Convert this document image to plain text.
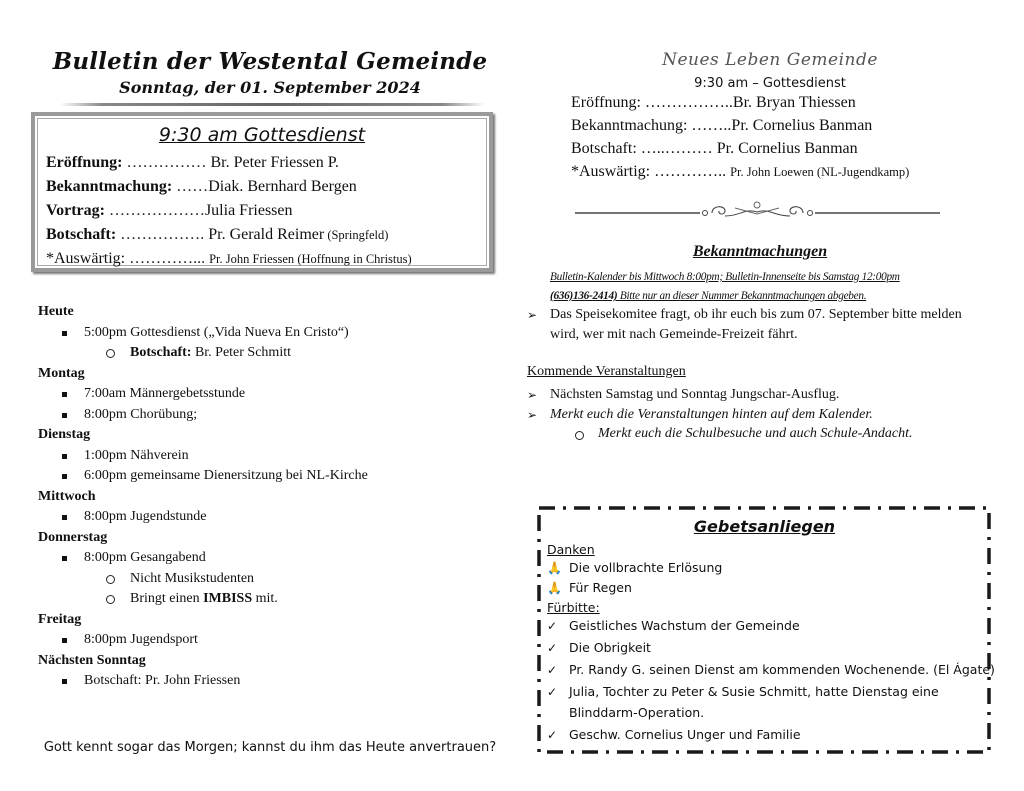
Bulletin der Westental Gemeinde
Sonntag, der 01. September 2024
9:30 am Gottesdienst
Eröffnung: …………… Br. Peter Friessen P.
Bekanntmachung: ……Diak. Bernhard Bergen
Vortrag: ………………Julia Friessen
Botschaft: ……………. Pr. Gerald Reimer (Springfeld)
*Auswärtig: …………... Pr. John Friessen (Hoffnung in Christus)
Heute
5:00pm Gottesdienst („Vida Nueva En Cristo“)
Botschaft: Br. Peter Schmitt
Montag
7:00am Männergebetsstunde
8:00pm Chorübung;
Dienstag
1:00pm Nähverein
6:00pm gemeinsame Dienersitzung bei NL-Kirche
Mittwoch
8:00pm Jugendstunde
Donnerstag
8:00pm Gesangabend
Nicht Musikstudenten
Bringt einen IMBISS mit.
Freitag
8:00pm Jugendsport
Nächsten Sonntag
Botschaft: Pr. John Friessen
Gott kennt sogar das Morgen; kannst du ihm das Heute anvertrauen?
Neues Leben Gemeinde
9:30 am – Gottesdienst
Eröffnung: ……………..Br. Bryan Thiessen
Bekanntmachung: ……..Pr. Cornelius Banman
Botschaft: …..……… Pr. Cornelius Banman
*Auswärtig: ………….. Pr. John Loewen (NL-Jugendkamp)
Bekanntmachungen
Bulletin-Kalender bis Mittwoch 8:00pm; Bulletin-Innenseite bis Samstag 12:00pm
(636)136-2414) Bitte nur an dieser Nummer Bekanntmachungen abgeben.
➢ Das Speisekomitee fragt, ob ihr euch bis zum 07. September bitte melden wird, wer mit nach Gemeinde-Freizeit fährt.
Kommende Veranstaltungen
➢ Nächsten Samstag und Sonntag Jungschar-Ausflug.
➢ Merkt euch die Veranstaltungen hinten auf dem Kalender.
Merkt euch die Schulbesuche und auch Schule-Andacht.
Gebetsanliegen
Danken
🙏 Die vollbrachte Erlösung
🙏 Für Regen
Fürbitte:
✓ Geistliches Wachstum der Gemeinde
✓ Die Obrigkeit
✓ Pr. Randy G. seinen Dienst am kommenden Wochenende. (El Ágate)
✓ Julia, Tochter zu Peter & Susie Schmitt, hatte Dienstag eine
Blinddarm-Operation.
✓ Geschw. Cornelius Unger und Familie
